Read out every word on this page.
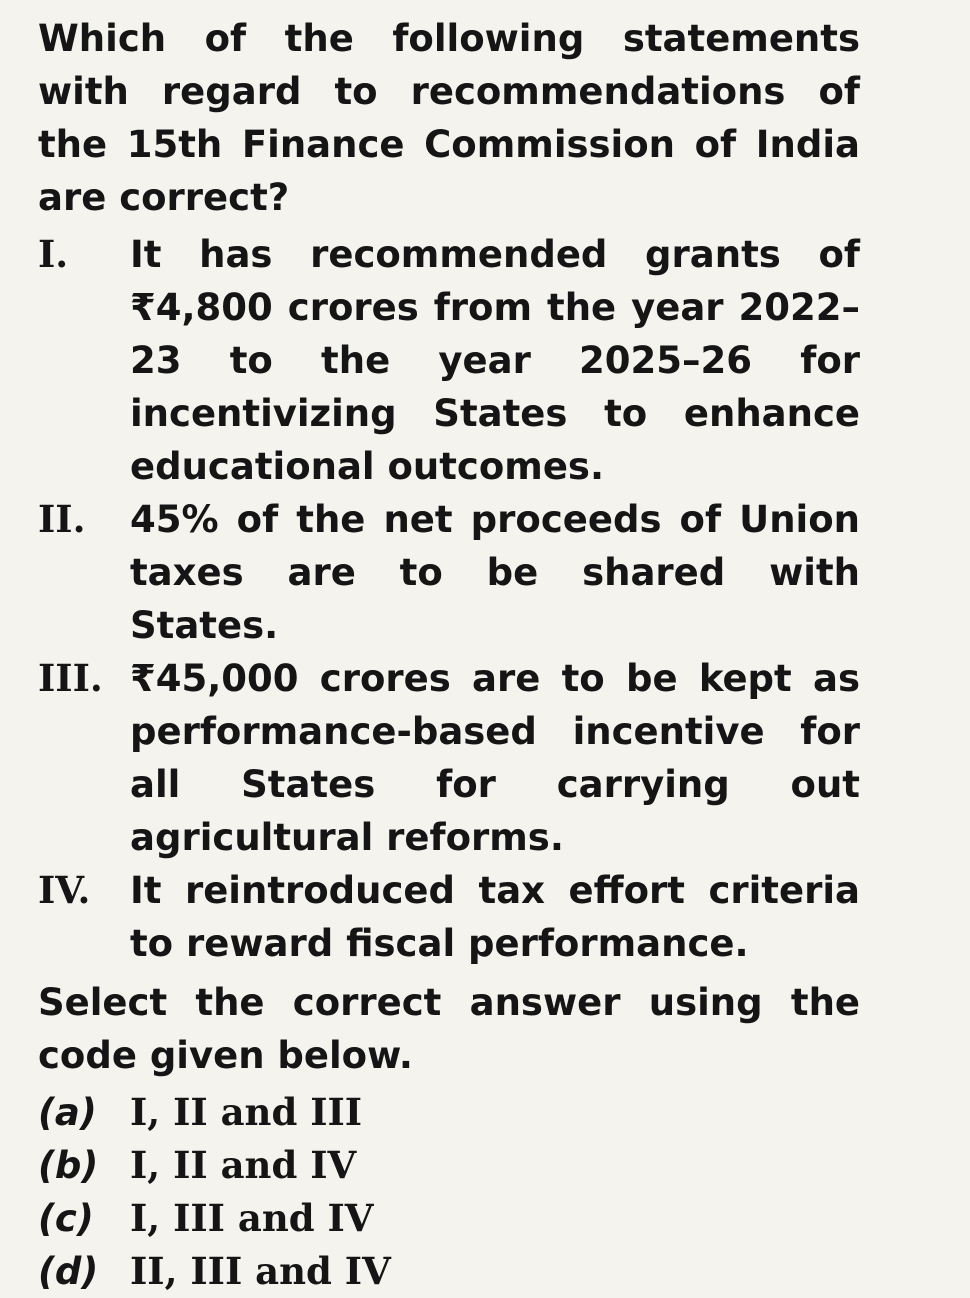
Which of the following statements with regard to recommendations of the 15th Finance Commission of India are correct?
I.	It has recommended grants of ₹4,800 crores from the year 2022–23 to the year 2025–26 for incentivizing States to enhance educational outcomes.
II.	45% of the net proceeds of Union taxes are to be shared with States.
III. ₹45,000 crores are to be kept as performance-based incentive for all States for carrying out agricultural reforms.
IV.	It reintroduced tax effort criteria to reward fiscal performance.
Select the correct answer using the code given below.
(a) I, II and III
(b) I, II and IV
(c) I, III and IV
(d) II, III and IV
